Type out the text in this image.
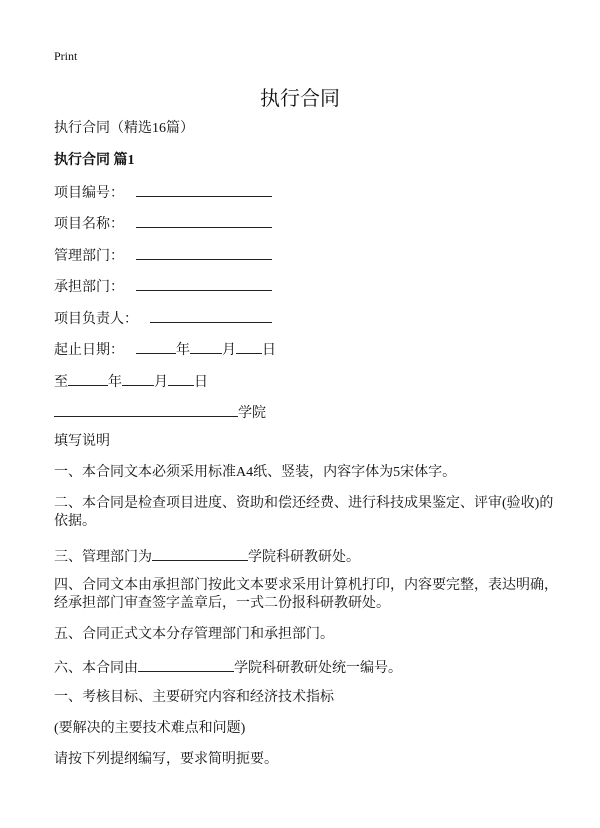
Print
执行合同
执行合同（精选16篇）
执行合同 篇1
项目编号：
项目名称：
管理部门：
承担部门：
项目负责人：
起止日期：	年 月 日
至	年 月 日
学院
填写说明
一、本合同文本必须采用标准A4纸、竖装，内容字体为5宋体字。
二、本合同是检查项目进度、资助和偿还经费、进行科技成果鉴定、评审(验收)的
依据。
三、管理部门为	学院科研教研处。
四、合同文本由承担部门按此文本要求采用计算机打印，内容要完整，表达明确，
经承担部门审查签字盖章后，一式二份报科研教研处。
五、合同正式文本分存管理部门和承担部门。
六、本合同由	学院科研教研处统一编号。
一、考核目标、主要研究内容和经济技术指标
(要解决的主要技术难点和问题)
请按下列提纲编写，要求简明扼要。
